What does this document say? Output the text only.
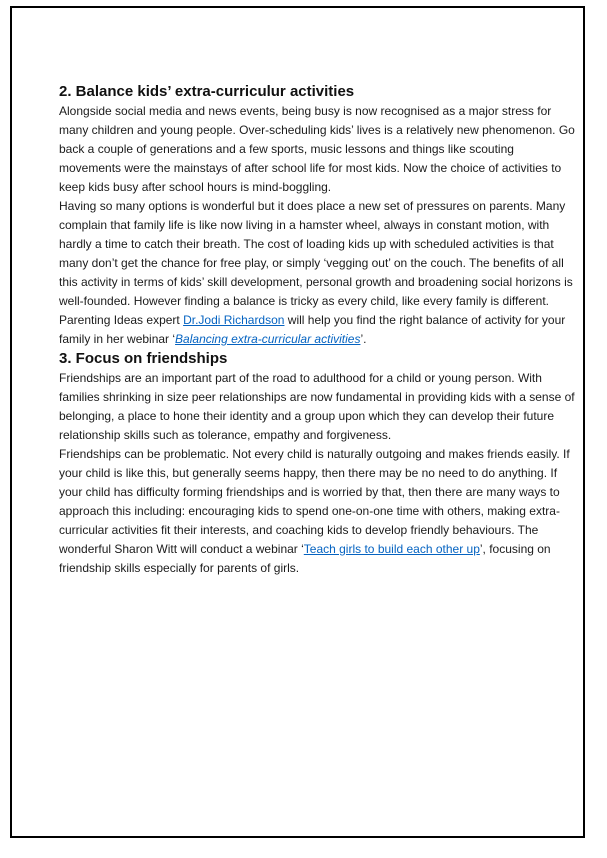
2. Balance kids’ extra-curriculur activities

Alongside social media and news events, being busy is now recognised as a major stress for many children and young people. Over-scheduling kids’ lives is a relatively new phenomenon. Go back a couple of generations and a few sports, music lessons and things like scouting movements were the mainstays of after school life for most kids. Now the choice of activities to keep kids busy after school hours is mind-boggling.

Having so many options is wonderful but it does place a new set of pressures on parents. Many complain that family life is like now living in a hamster wheel, always in constant motion, with hardly a time to catch their breath. The cost of loading kids up with scheduled activities is that many don’t get the chance for free play, or simply ‘vegging out’ on the couch. The benefits of all this activity in terms of kids’ skill development, personal growth and broadening social horizons is well-founded. However finding a balance is tricky as every child, like every family is different. Parenting Ideas expert Dr.Jodi Richardson will help you find the right balance of activity for your family in her webinar ‘Balancing extra-curricular activities’.

3. Focus on friendships

Friendships are an important part of the road to adulthood for a child or young person. With families shrinking in size peer relationships are now fundamental in providing kids with a sense of belonging, a place to hone their identity and a group upon which they can develop their future relationship skills such as tolerance, empathy and forgiveness.

Friendships can be problematic. Not every child is naturally outgoing and makes friends easily. If your child is like this, but generally seems happy, then there may be no need to do anything. If your child has difficulty forming friendships and is worried by that, then there are many ways to approach this including: encouraging kids to spend one-on-one time with others, making extra-curricular activities fit their interests, and coaching kids to develop friendly behaviours. The wonderful Sharon Witt will conduct a webinar ‘Teach girls to build each other up’, focusing on friendship skills especially for parents of girls.
